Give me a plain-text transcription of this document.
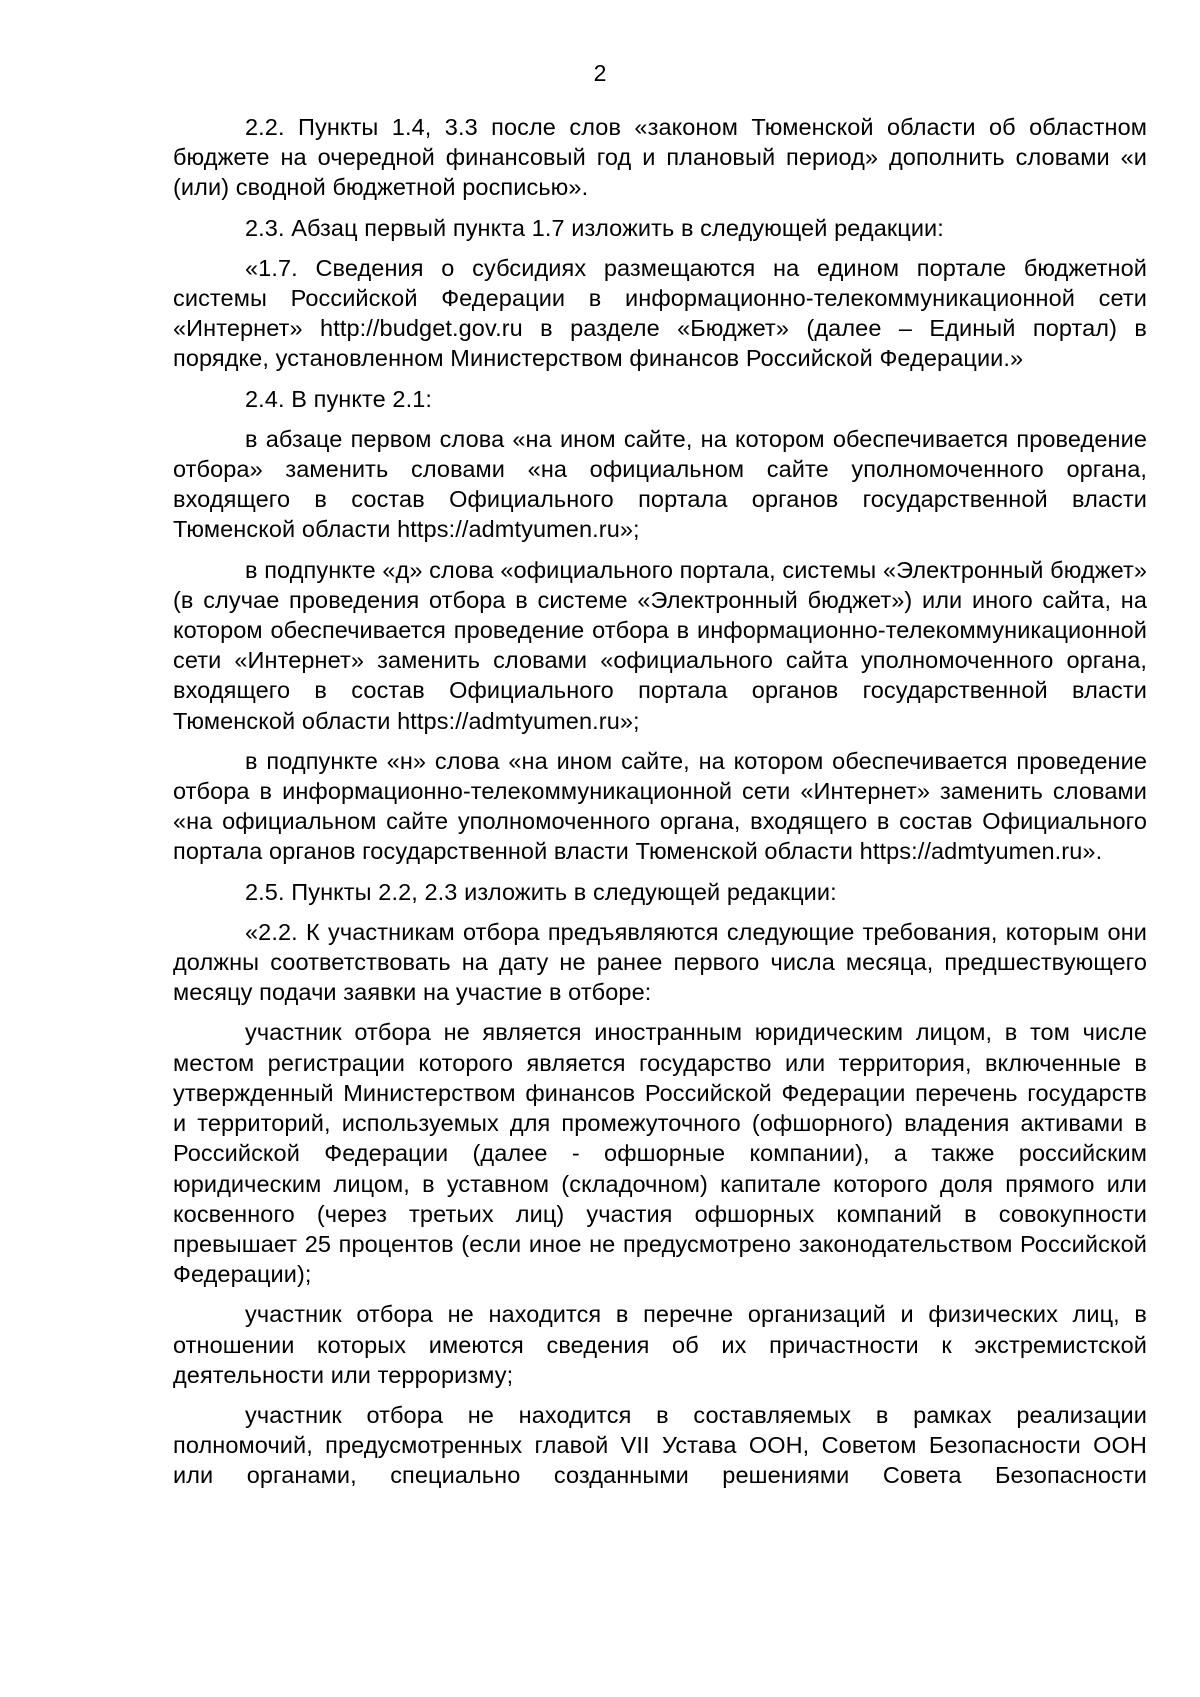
2

2.2. Пункты 1.4, 3.3 после слов «законом Тюменской области об областном бюджете на очередной финансовый год и плановый период» дополнить словами «и (или) сводной бюджетной росписью».

2.3. Абзац первый пункта 1.7 изложить в следующей редакции:

«1.7. Сведения о субсидиях размещаются на едином портале бюджетной системы Российской Федерации в информационно-телекоммуникационной сети «Интернет» http://budget.gov.ru в разделе «Бюджет» (далее – Единый портал) в порядке, установленном Министерством финансов Российской Федерации.»

2.4. В пункте 2.1:

в абзаце первом слова «на ином сайте, на котором обеспечивается проведение отбора» заменить словами «на официальном сайте уполномоченного органа, входящего в состав Официального портала органов государственной власти Тюменской области https://admtyumen.ru»;

в подпункте «д» слова «официального портала, системы «Электронный бюджет» (в случае проведения отбора в системе «Электронный бюджет») или иного сайта, на котором обеспечивается проведение отбора в информационно-телекоммуникационной сети «Интернет» заменить словами «официального сайта уполномоченного органа, входящего в состав Официального портала органов государственной власти Тюменской области https://admtyumen.ru»;

в подпункте «н» слова «на ином сайте, на котором обеспечивается проведение отбора в информационно-телекоммуникационной сети «Интернет» заменить словами «на официальном сайте уполномоченного органа, входящего в состав Официального портала органов государственной власти Тюменской области https://admtyumen.ru».

2.5. Пункты 2.2, 2.3 изложить в следующей редакции:

«2.2. К участникам отбора предъявляются следующие требования, которым они должны соответствовать на дату не ранее первого числа месяца, предшествующего месяцу подачи заявки на участие в отборе:

участник отбора не является иностранным юридическим лицом, в том числе местом регистрации которого является государство или территория, включенные в утвержденный Министерством финансов Российской Федерации перечень государств и территорий, используемых для промежуточного (офшорного) владения активами в Российской Федерации (далее - офшорные компании), а также российским юридическим лицом, в уставном (складочном) капитале которого доля прямого или косвенного (через третьих лиц) участия офшорных компаний в совокупности превышает 25 процентов (если иное не предусмотрено законодательством Российской Федерации);

участник отбора не находится в перечне организаций и физических лиц, в отношении которых имеются сведения об их причастности к экстремистской деятельности или терроризму;

участник отбора не находится в составляемых в рамках реализации полномочий, предусмотренных главой VII Устава ООН, Советом Безопасности ООН или органами, специально созданными решениями Совета Безопасности
